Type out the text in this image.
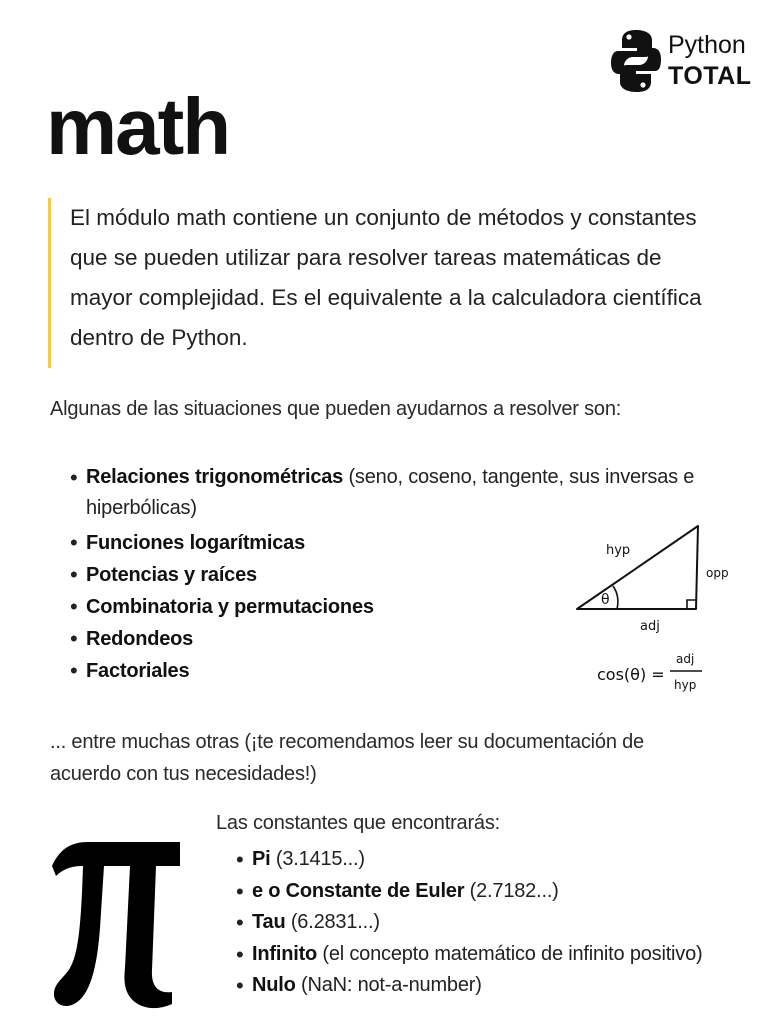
Python
TOTAL
math

El módulo math contiene un conjunto de métodos y constantes que se pueden utilizar para resolver tareas matemáticas de mayor complejidad. Es el equivalente a la calculadora científica dentro de Python.

Algunas de las situaciones que pueden ayudarnos a resolver son:
• Relaciones trigonométricas (seno, coseno, tangente, sus inversas e hiperbólicas)
• Funciones logarítmicas
• Potencias y raíces
• Combinatoria y permutaciones
• Redondeos
• Factoriales
hyp
opp
adj
θ
cos(θ) =
adj
hyp
... entre muchas otras (¡te recomendamos leer su documentación de acuerdo con tus necesidades!)
Las constantes que encontrarás:
• Pi (3.1415...)
• e o Constante de Euler (2.7182...)
• Tau (6.2831...)
• Infinito (el concepto matemático de infinito positivo)
• Nulo (NaN: not-a-number)
